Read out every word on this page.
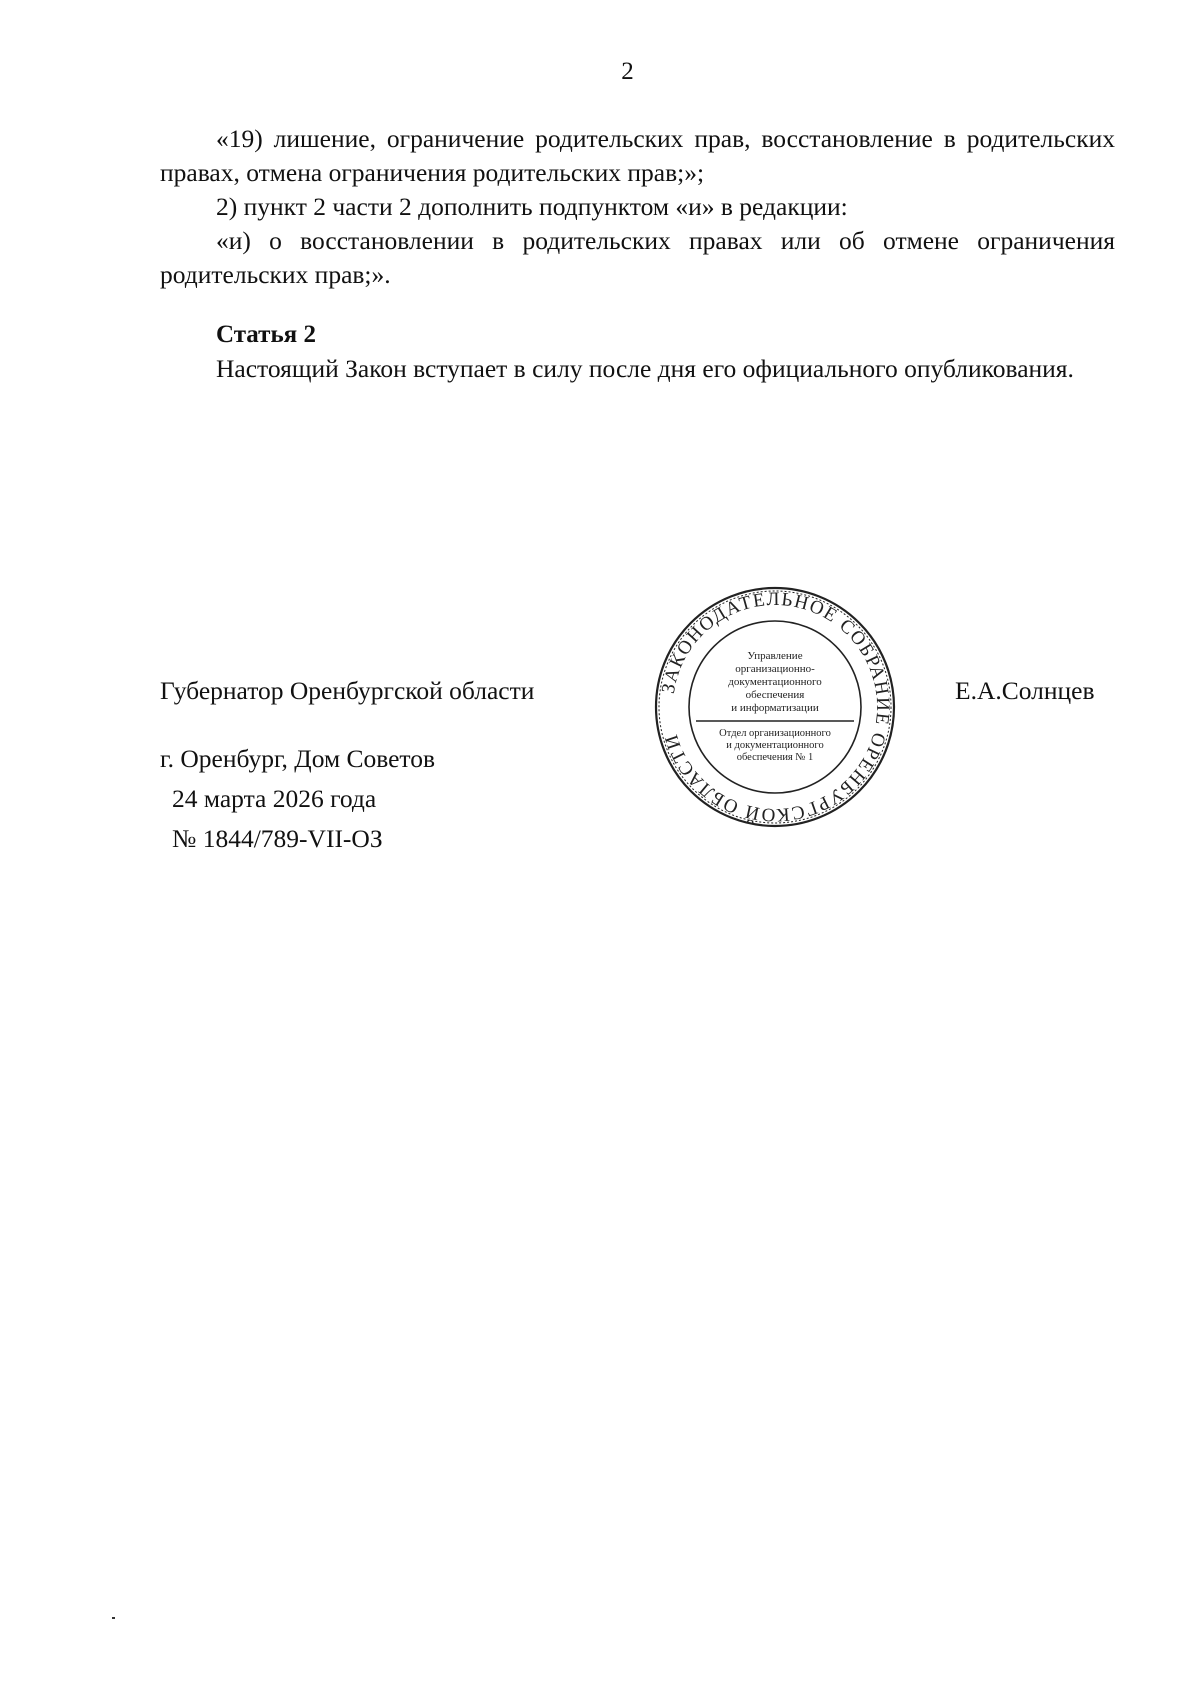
2

«19) лишение, ограничение родительских прав, восстановление в родительских правах, отмена ограничения родительских прав;»;

2) пункт 2 части 2 дополнить подпунктом «и» в редакции:

«и) о восстановлении в родительских правах или об отмене ограничения родительских прав;».

Статья 2

Настоящий Закон вступает в силу после дня его официального опубликования.

Губернатор Оренбургской области	Е.А.Солнцев
г. Оренбург, Дом Советов
24 марта 2026 года
№ 1844/789-VII-ОЗ
ЗАКОНОДАТЕЛЬНОЕ СОБРАНИЕ ОРЕНБУРГСКОЙ ОБЛАСТИ
Управление
организационно-
документационного
обеспечения
и информатизации
Отдел организационного
и документационного
обеспечения № 1
